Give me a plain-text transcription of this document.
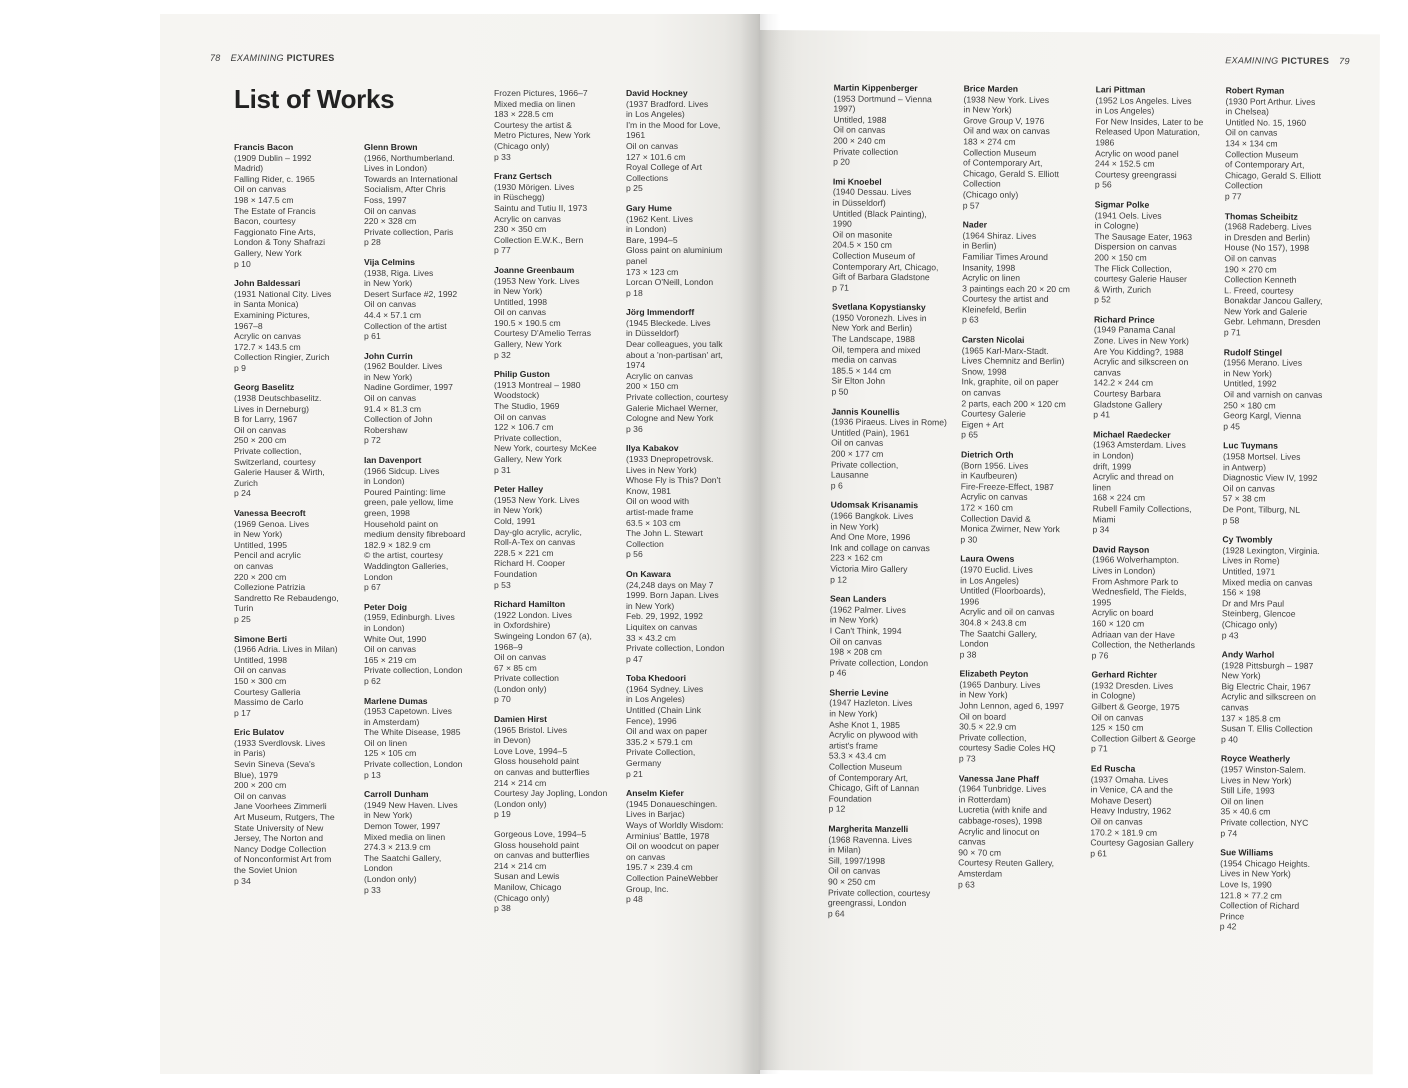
78 EXAMINING PICTURES
List of Works
Francis Bacon
(1909 Dublin – 1992
Madrid)
Falling Rider, c. 1965
Oil on canvas
198 × 147.5 cm
The Estate of Francis
Bacon, courtesy
Faggionato Fine Arts,
London & Tony Shafrazi
Gallery, New York
p 10
John Baldessari
(1931 National City. Lives
in Santa Monica)
Examining Pictures,
1967–8
Acrylic on canvas
172.7 × 143.5 cm
Collection Ringier, Zurich
p 9
Georg Baselitz
(1938 Deutschbaselitz.
Lives in Derneburg)
B for Larry, 1967
Oil on canvas
250 × 200 cm
Private collection,
Switzerland, courtesy
Galerie Hauser & Wirth,
Zurich
p 24
Vanessa Beecroft
(1969 Genoa. Lives
in New York)
Untitled, 1995
Pencil and acrylic
on canvas
220 × 200 cm
Collezione Patrizia
Sandretto Re Rebaudengo,
Turin
p 25
Simone Berti
(1966 Adria. Lives in Milan)
Untitled, 1998
Oil on canvas
150 × 300 cm
Courtesy Galleria
Massimo de Carlo
p 17
Eric Bulatov
(1933 Sverdlovsk. Lives
in Paris)
Sevin Sineva (Seva's
Blue), 1979
200 × 200 cm
Oil on canvas
Jane Voorhees Zimmerli
Art Museum, Rutgers, The
State University of New
Jersey, The Norton and
Nancy Dodge Collection
of Nonconformist Art from
the Soviet Union
p 34
Glenn Brown
(1966, Northumberland.
Lives in London)
Towards an International
Socialism, After Chris
Foss, 1997
Oil on canvas
220 × 328 cm
Private collection, Paris
p 28
Vija Celmins
(1938, Riga. Lives
in New York)
Desert Surface #2, 1992
Oil on canvas
44.4 × 57.1 cm
Collection of the artist
p 61
John Currin
(1962 Boulder. Lives
in New York)
Nadine Gordimer, 1997
Oil on canvas
91.4 × 81.3 cm
Collection of John
Robershaw
p 72
Ian Davenport
(1966 Sidcup. Lives
in London)
Poured Painting: lime
green, pale yellow, lime
green, 1998
Household paint on
medium density fibreboard
182.9 × 182.9 cm
© the artist, courtesy
Waddington Galleries,
London
p 67
Peter Doig
(1959, Edinburgh. Lives
in London)
White Out, 1990
Oil on canvas
165 × 219 cm
Private collection, London
p 62
Marlene Dumas
(1953 Capetown. Lives
in Amsterdam)
The White Disease, 1985
Oil on linen
125 × 105 cm
Private collection, London
p 13
Carroll Dunham
(1949 New Haven. Lives
in New York)
Demon Tower, 1997
Mixed media on linen
274.3 × 213.9 cm
The Saatchi Gallery,
London
(London only)
p 33
Frozen Pictures, 1966–7
Mixed media on linen
183 × 228.5 cm
Courtesy the artist &
Metro Pictures, New York
(Chicago only)
p 33
Franz Gertsch
(1930 Mörigen. Lives
in Rüschegg)
Saintu and Tutiu II, 1973
Acrylic on canvas
230 × 350 cm
Collection E.W.K., Bern
p 77
Joanne Greenbaum
(1953 New York. Lives
in New York)
Untitled, 1998
Oil on canvas
190.5 × 190.5 cm
Courtesy D'Amelio Terras
Gallery, New York
p 32
Philip Guston
(1913 Montreal – 1980
Woodstock)
The Studio, 1969
Oil on canvas
122 × 106.7 cm
Private collection,
New York, courtesy McKee
Gallery, New York
p 31
Peter Halley
(1953 New York. Lives
in New York)
Cold, 1991
Day-glo acrylic, acrylic,
Roll-A-Tex on canvas
228.5 × 221 cm
Richard H. Cooper
Foundation
p 53
Richard Hamilton
(1922 London. Lives
in Oxfordshire)
Swingeing London 67 (a),
1968–9
Oil on canvas
67 × 85 cm
Private collection
(London only)
p 70
Damien Hirst
(1965 Bristol. Lives
in Devon)
Love Love, 1994–5
Gloss household paint
on canvas and butterflies
214 × 214 cm
Courtesy Jay Jopling, London
(London only)
p 19
Gorgeous Love, 1994–5
Gloss household paint
on canvas and butterflies
214 × 214 cm
Susan and Lewis
Manilow, Chicago
(Chicago only)
p 38
David Hockney
(1937 Bradford. Lives
in Los Angeles)
I'm in the Mood for Love,
1961
Oil on canvas
127 × 101.6 cm
Royal College of Art
Collections
p 25
Gary Hume
(1962 Kent. Lives
in London)
Bare, 1994–5
Gloss paint on aluminium
panel
173 × 123 cm
Lorcan O'Neill, London
p 18
Jörg Immendorff
(1945 Bleckede. Lives
in Düsseldorf)
Dear colleagues, you talk
about a 'non-partisan' art,
1974
Acrylic on canvas
200 × 150 cm
Private collection, courtesy
Galerie Michael Werner,
Cologne and New York
p 36
Ilya Kabakov
(1933 Dnepropetrovsk.
Lives in New York)
Whose Fly is This? Don't
Know, 1981
Oil on wood with
artist-made frame
63.5 × 103 cm
The John L. Stewart
Collection
p 56
On Kawara
(24,248 days on May 7
1999. Born Japan. Lives
in New York)
Feb. 29, 1992, 1992
Liquitex on canvas
33 × 43.2 cm
Private collection, London
p 47
Toba Khedoori
(1964 Sydney. Lives
in Los Angeles)
Untitled (Chain Link
Fence), 1996
Oil and wax on paper
335.2 × 579.1 cm
Private Collection,
Germany
p 21
Anselm Kiefer
(1945 Donaueschingen.
Lives in Barjac)
Ways of Worldly Wisdom:
Arminius' Battle, 1978
Oil on woodcut on paper
on canvas
195.7 × 239.4 cm
Collection PaineWebber
Group, Inc.
p 48
EXAMINING PICTURES 79
Martin Kippenberger
(1953 Dortmund – Vienna
1997)
Untitled, 1988
Oil on canvas
200 × 240 cm
Private collection
p 20
Imi Knoebel
(1940 Dessau. Lives
in Düsseldorf)
Untitled (Black Painting),
1990
Oil on masonite
204.5 × 150 cm
Collection Museum of
Contemporary Art, Chicago,
Gift of Barbara Gladstone
p 71
Svetlana Kopystiansky
(1950 Voronezh. Lives in
New York and Berlin)
The Landscape, 1988
Oil, tempera and mixed
media on canvas
185.5 × 144 cm
Sir Elton John
p 50
Jannis Kounellis
(1936 Piraeus. Lives in Rome)
Untitled (Pain), 1961
Oil on canvas
200 × 177 cm
Private collection,
Lausanne
p 6
Udomsak Krisanamis
(1966 Bangkok. Lives
in New York)
And One More, 1996
Ink and collage on canvas
223 × 162 cm
Victoria Miro Gallery
p 12
Sean Landers
(1962 Palmer. Lives
in New York)
I Can't Think, 1994
Oil on canvas
198 × 208 cm
Private collection, London
p 46
Sherrie Levine
(1947 Hazleton. Lives
in New York)
Ashe Knot 1, 1985
Acrylic on plywood with
artist's frame
53.3 × 43.4 cm
Collection Museum
of Contemporary Art,
Chicago, Gift of Lannan
Foundation
p 12
Margherita Manzelli
(1968 Ravenna. Lives
in Milan)
Sill, 1997/1998
Oil on canvas
90 × 250 cm
Private collection, courtesy
greengrassi, London
p 64
Brice Marden
(1938 New York. Lives
in New York)
Grove Group V, 1976
Oil and wax on canvas
183 × 274 cm
Collection Museum
of Contemporary Art,
Chicago, Gerald S. Elliott
Collection
(Chicago only)
p 57
Nader
(1964 Shiraz. Lives
in Berlin)
Familiar Times Around
Insanity, 1998
Acrylic on linen
3 paintings each 20 × 20 cm
Courtesy the artist and
Kleinefeld, Berlin
p 63
Carsten Nicolai
(1965 Karl-Marx-Stadt.
Lives Chemnitz and Berlin)
Snow, 1998
Ink, graphite, oil on paper
on canvas
2 parts, each 200 × 120 cm
Courtesy Galerie
Eigen + Art
p 65
Dietrich Orth
(Born 1956. Lives
in Kaufbeuren)
Fire-Freeze-Effect, 1987
Acrylic on canvas
172 × 160 cm
Collection David &
Monica Zwirner, New York
p 30
Laura Owens
(1970 Euclid. Lives
in Los Angeles)
Untitled (Floorboards),
1996
Acrylic and oil on canvas
304.8 × 243.8 cm
The Saatchi Gallery,
London
p 38
Elizabeth Peyton
(1965 Danbury. Lives
in New York)
John Lennon, aged 6, 1997
Oil on board
30.5 × 22.9 cm
Private collection,
courtesy Sadie Coles HQ
p 73
Vanessa Jane Phaff
(1964 Tunbridge. Lives
in Rotterdam)
Lucretia (with knife and
cabbage-roses), 1998
Acrylic and linocut on
canvas
90 × 70 cm
Courtesy Reuten Gallery,
Amsterdam
p 63
Lari Pittman
(1952 Los Angeles. Lives
in Los Angeles)
For New Insides, Later to be
Released Upon Maturation,
1986
Acrylic on wood panel
244 × 152.5 cm
Courtesy greengrassi
p 56
Sigmar Polke
(1941 Oels. Lives
in Cologne)
The Sausage Eater, 1963
Dispersion on canvas
200 × 150 cm
The Flick Collection,
courtesy Galerie Hauser
& Wirth, Zurich
p 52
Richard Prince
(1949 Panama Canal
Zone. Lives in New York)
Are You Kidding?, 1988
Acrylic and silkscreen on
canvas
142.2 × 244 cm
Courtesy Barbara
Gladstone Gallery
p 41
Michael Raedecker
(1963 Amsterdam. Lives
in London)
drift, 1999
Acrylic and thread on
linen
168 × 224 cm
Rubell Family Collections,
Miami
p 34
David Rayson
(1966 Wolverhampton.
Lives in London)
From Ashmore Park to
Wednesfield, The Fields,
1995
Acrylic on board
160 × 120 cm
Adriaan van der Have
Collection, the Netherlands
p 76
Gerhard Richter
(1932 Dresden. Lives
in Cologne)
Gilbert & George, 1975
Oil on canvas
125 × 150 cm
Collection Gilbert & George
p 71
Ed Ruscha
(1937 Omaha. Lives
in Venice, CA and the
Mohave Desert)
Heavy Industry, 1962
Oil on canvas
170.2 × 181.9 cm
Courtesy Gagosian Gallery
p 61
Robert Ryman
(1930 Port Arthur. Lives
in Chelsea)
Untitled No. 15, 1960
Oil on canvas
134 × 134 cm
Collection Museum
of Contemporary Art,
Chicago, Gerald S. Elliott
Collection
p 77
Thomas Scheibitz
(1968 Radeberg. Lives
in Dresden and Berlin)
House (No 157), 1998
Oil on canvas
190 × 270 cm
Collection Kenneth
L. Freed, courtesy
Bonakdar Jancou Gallery,
New York and Galerie
Gebr. Lehmann, Dresden
p 71
Rudolf Stingel
(1956 Merano. Lives
in New York)
Untitled, 1992
Oil and varnish on canvas
250 × 180 cm
Georg Kargl, Vienna
p 45
Luc Tuymans
(1958 Mortsel. Lives
in Antwerp)
Diagnostic View IV, 1992
Oil on canvas
57 × 38 cm
De Pont, Tilburg, NL
p 58
Cy Twombly
(1928 Lexington, Virginia.
Lives in Rome)
Untitled, 1971
Mixed media on canvas
156 × 198
Dr and Mrs Paul
Steinberg, Glencoe
(Chicago only)
p 43
Andy Warhol
(1928 Pittsburgh – 1987
New York)
Big Electric Chair, 1967
Acrylic and silkscreen on
canvas
137 × 185.8 cm
Susan T. Ellis Collection
p 40
Royce Weatherly
(1957 Winston-Salem.
Lives in New York)
Still Life, 1993
Oil on linen
35 × 40.6 cm
Private collection, NYC
p 74
Sue Williams
(1954 Chicago Heights.
Lives in New York)
Love Is, 1990
121.8 × 77.2 cm
Collection of Richard
Prince
p 42
